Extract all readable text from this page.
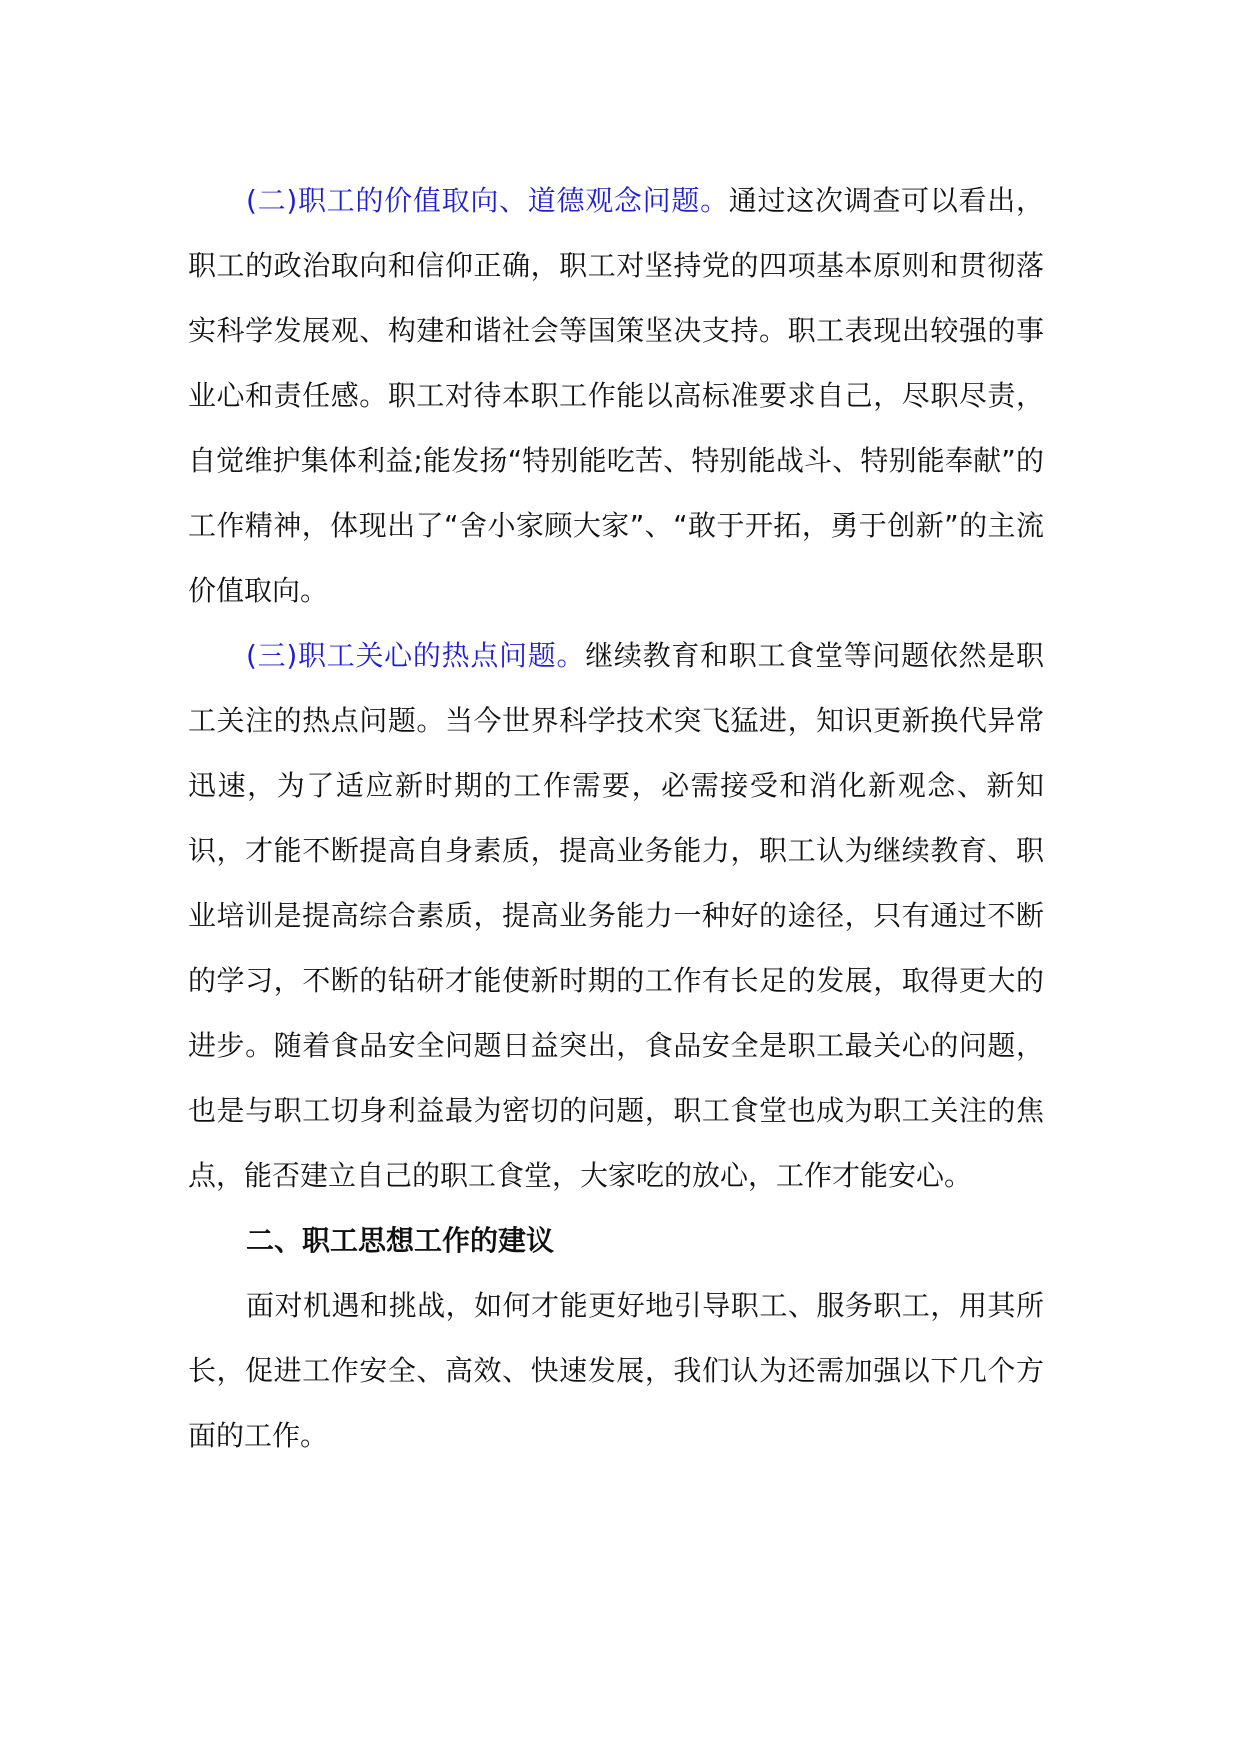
(二)职工的价值取向、道德观念问题。通过这次调查可以看出，职工的政治取向和信仰正确，职工对坚持党的四项基本原则和贯彻落实科学发展观、构建和谐社会等国策坚决支持。职工表现出较强的事业心和责任感。职工对待本职工作能以高标准要求自己，尽职尽责，自觉维护集体利益;能发扬“特别能吃苦、特别能战斗、特别能奉献”的工作精神，体现出了“舍小家顾大家”、“敢于开拓，勇于创新”的主流价值取向。

(三)职工关心的热点问题。继续教育和职工食堂等问题依然是职工关注的热点问题。当今世界科学技术突飞猛进，知识更新换代异常迅速，为了适应新时期的工作需要，必需接受和消化新观念、新知识，才能不断提高自身素质，提高业务能力，职工认为继续教育、职业培训是提高综合素质，提高业务能力一种好的途径，只有通过不断的学习，不断的钻研才能使新时期的工作有长足的发展，取得更大的进步。随着食品安全问题日益突出，食品安全是职工最关心的问题，也是与职工切身利益最为密切的问题，职工食堂也成为职工关注的焦点，能否建立自己的职工食堂，大家吃的放心，工作才能安心。

二、职工思想工作的建议

面对机遇和挑战，如何才能更好地引导职工、服务职工，用其所长，促进工作安全、高效、快速发展，我们认为还需加强以下几个方面的工作。
